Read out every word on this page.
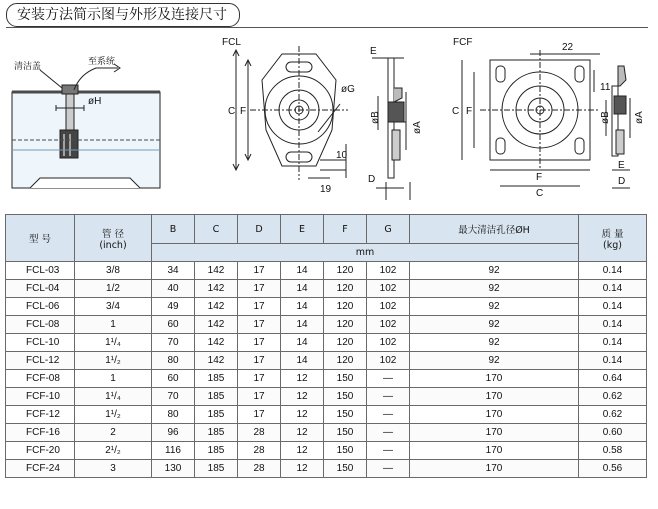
安装方法简示图与外形及连接尺寸
清洁盖	至系统
øH
FCL
C F
øG
10
19
E
øB
øA
D
FCF	22
11
C F
F
C
øB øA
E
D
型 号	管 径
(inch)	B	C	D	E	F	G	最大清洁孔径ØH	质 量
(kg)
		mm							
FCL-03	3/8	34	142	17	14	120	102	92	0.14
FCL-04	1/2	40	142	17	14	120	102	92	0.14
FCL-06	3/4	49	142	17	14	120	102	92	0.14
FCL-08	1	60	142	17	14	120	102	92	0.14
FCL-10	1¹/₄	70	142	17	14	120	102	92	0.14
FCL-12	1¹/₂	80	142	17	14	120	102	92	0.14
FCF-08	1	60	185	17	12	150	—	170	0.64
FCF-10	1¹/₄	70	185	17	12	150	—	170	0.62
FCF-12	1¹/₂	80	185	17	12	150	—	170	0.62
FCF-16	2	96	185	28	12	150	—	170	0.60
FCF-20	2¹/₂	116	185	28	12	150	—	170	0.58
FCF-24	3	130	185	28	12	150	—	170	0.56
